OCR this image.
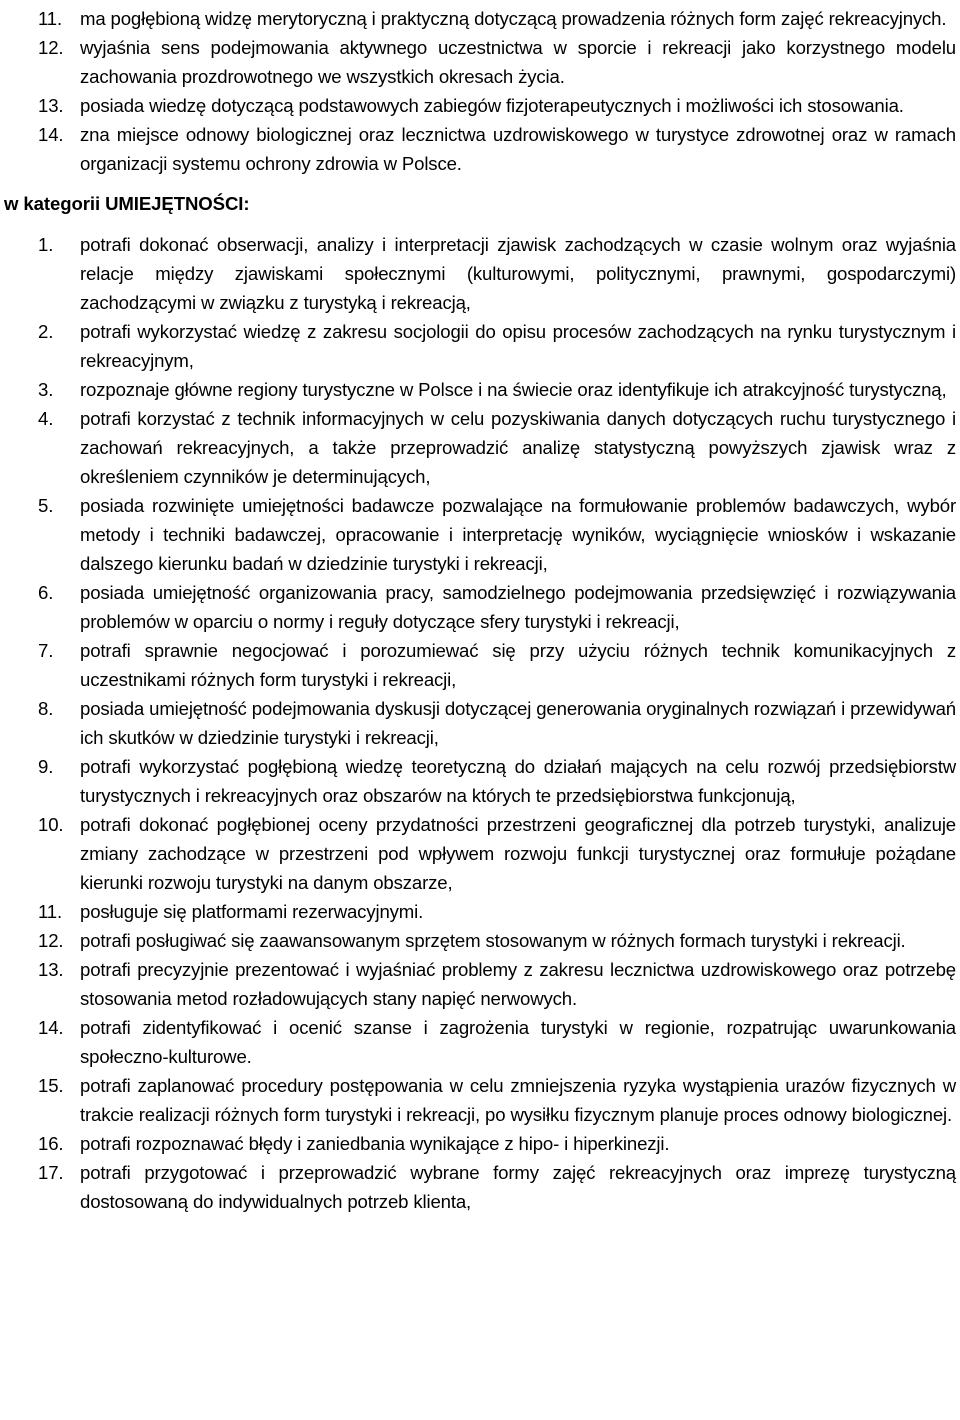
11. ma pogłębioną widzę merytoryczną i praktyczną dotyczącą prowadzenia różnych form zajęć rekreacyjnych.
12. wyjaśnia sens podejmowania aktywnego uczestnictwa w sporcie i rekreacji jako korzystnego modelu zachowania prozdrowotnego we wszystkich okresach życia.
13. posiada wiedzę dotyczącą podstawowych zabiegów fizjoterapeutycznych i możliwości ich stosowania.
14. zna miejsce odnowy biologicznej oraz lecznictwa uzdrowiskowego w turystyce zdrowotnej oraz w ramach organizacji systemu ochrony zdrowia w Polsce.
w kategorii UMIEJĘTNOŚCI:
1.	potrafi dokonać obserwacji, analizy i interpretacji zjawisk zachodzących w czasie wolnym oraz wyjaśnia relacje między zjawiskami społecznymi (kulturowymi, politycznymi, prawnymi, gospodarczymi) zachodzącymi w związku z turystyką i rekreacją,
2.	potrafi wykorzystać wiedzę z zakresu socjologii do opisu procesów zachodzących na rynku turystycznym i rekreacyjnym,
3.	rozpoznaje główne regiony turystyczne w Polsce i na świecie oraz identyfikuje ich atrakcyjność turystyczną,
4.	potrafi korzystać z technik informacyjnych w celu pozyskiwania danych dotyczących ruchu turystycznego i zachowań rekreacyjnych, a także przeprowadzić analizę statystyczną powyższych zjawisk wraz z określeniem czynników je determinujących,
5.	posiada rozwinięte umiejętności badawcze pozwalające na formułowanie problemów badawczych, wybór metody i techniki badawczej, opracowanie i interpretację wyników, wyciągnięcie wniosków i wskazanie dalszego kierunku badań w dziedzinie turystyki i rekreacji,
6.	posiada umiejętność organizowania pracy, samodzielnego podejmowania przedsięwzięć i rozwiązywania problemów w oparciu o normy i reguły dotyczące sfery turystyki i rekreacji,
7.	potrafi sprawnie negocjować i porozumiewać się przy użyciu różnych technik komunikacyjnych z uczestnikami różnych form turystyki i rekreacji,
8.	posiada umiejętność podejmowania dyskusji dotyczącej generowania oryginalnych rozwiązań i przewidywań ich skutków w dziedzinie turystyki i rekreacji,
9.	potrafi wykorzystać pogłębioną wiedzę teoretyczną do działań mających na celu rozwój przedsiębiorstw turystycznych i rekreacyjnych oraz obszarów na których te przedsiębiorstwa funkcjonują,
10. potrafi dokonać pogłębionej oceny przydatności przestrzeni geograficznej dla potrzeb turystyki, analizuje zmiany zachodzące w przestrzeni pod wpływem rozwoju funkcji turystycznej oraz formułuje pożądane kierunki rozwoju turystyki na danym obszarze,
11. posługuje się platformami rezerwacyjnymi.
12. potrafi posługiwać się zaawansowanym sprzętem stosowanym w różnych formach turystyki i rekreacji.
13. potrafi precyzyjnie prezentować i wyjaśniać problemy z zakresu lecznictwa uzdrowiskowego oraz potrzebę stosowania metod rozładowujących stany napięć nerwowych.
14. potrafi zidentyfikować i ocenić szanse i zagrożenia turystyki w regionie, rozpatrując uwarunkowania społeczno-kulturowe.
15. potrafi zaplanować procedury postępowania w celu zmniejszenia ryzyka wystąpienia urazów fizycznych w trakcie realizacji różnych form turystyki i rekreacji, po wysiłku fizycznym planuje proces odnowy biologicznej.
16. potrafi rozpoznawać błędy i zaniedbania wynikające z hipo- i hiperkinezji.
17. potrafi przygotować i przeprowadzić wybrane formy zajęć rekreacyjnych oraz imprezę turystyczną dostosowaną do indywidualnych potrzeb klienta,
